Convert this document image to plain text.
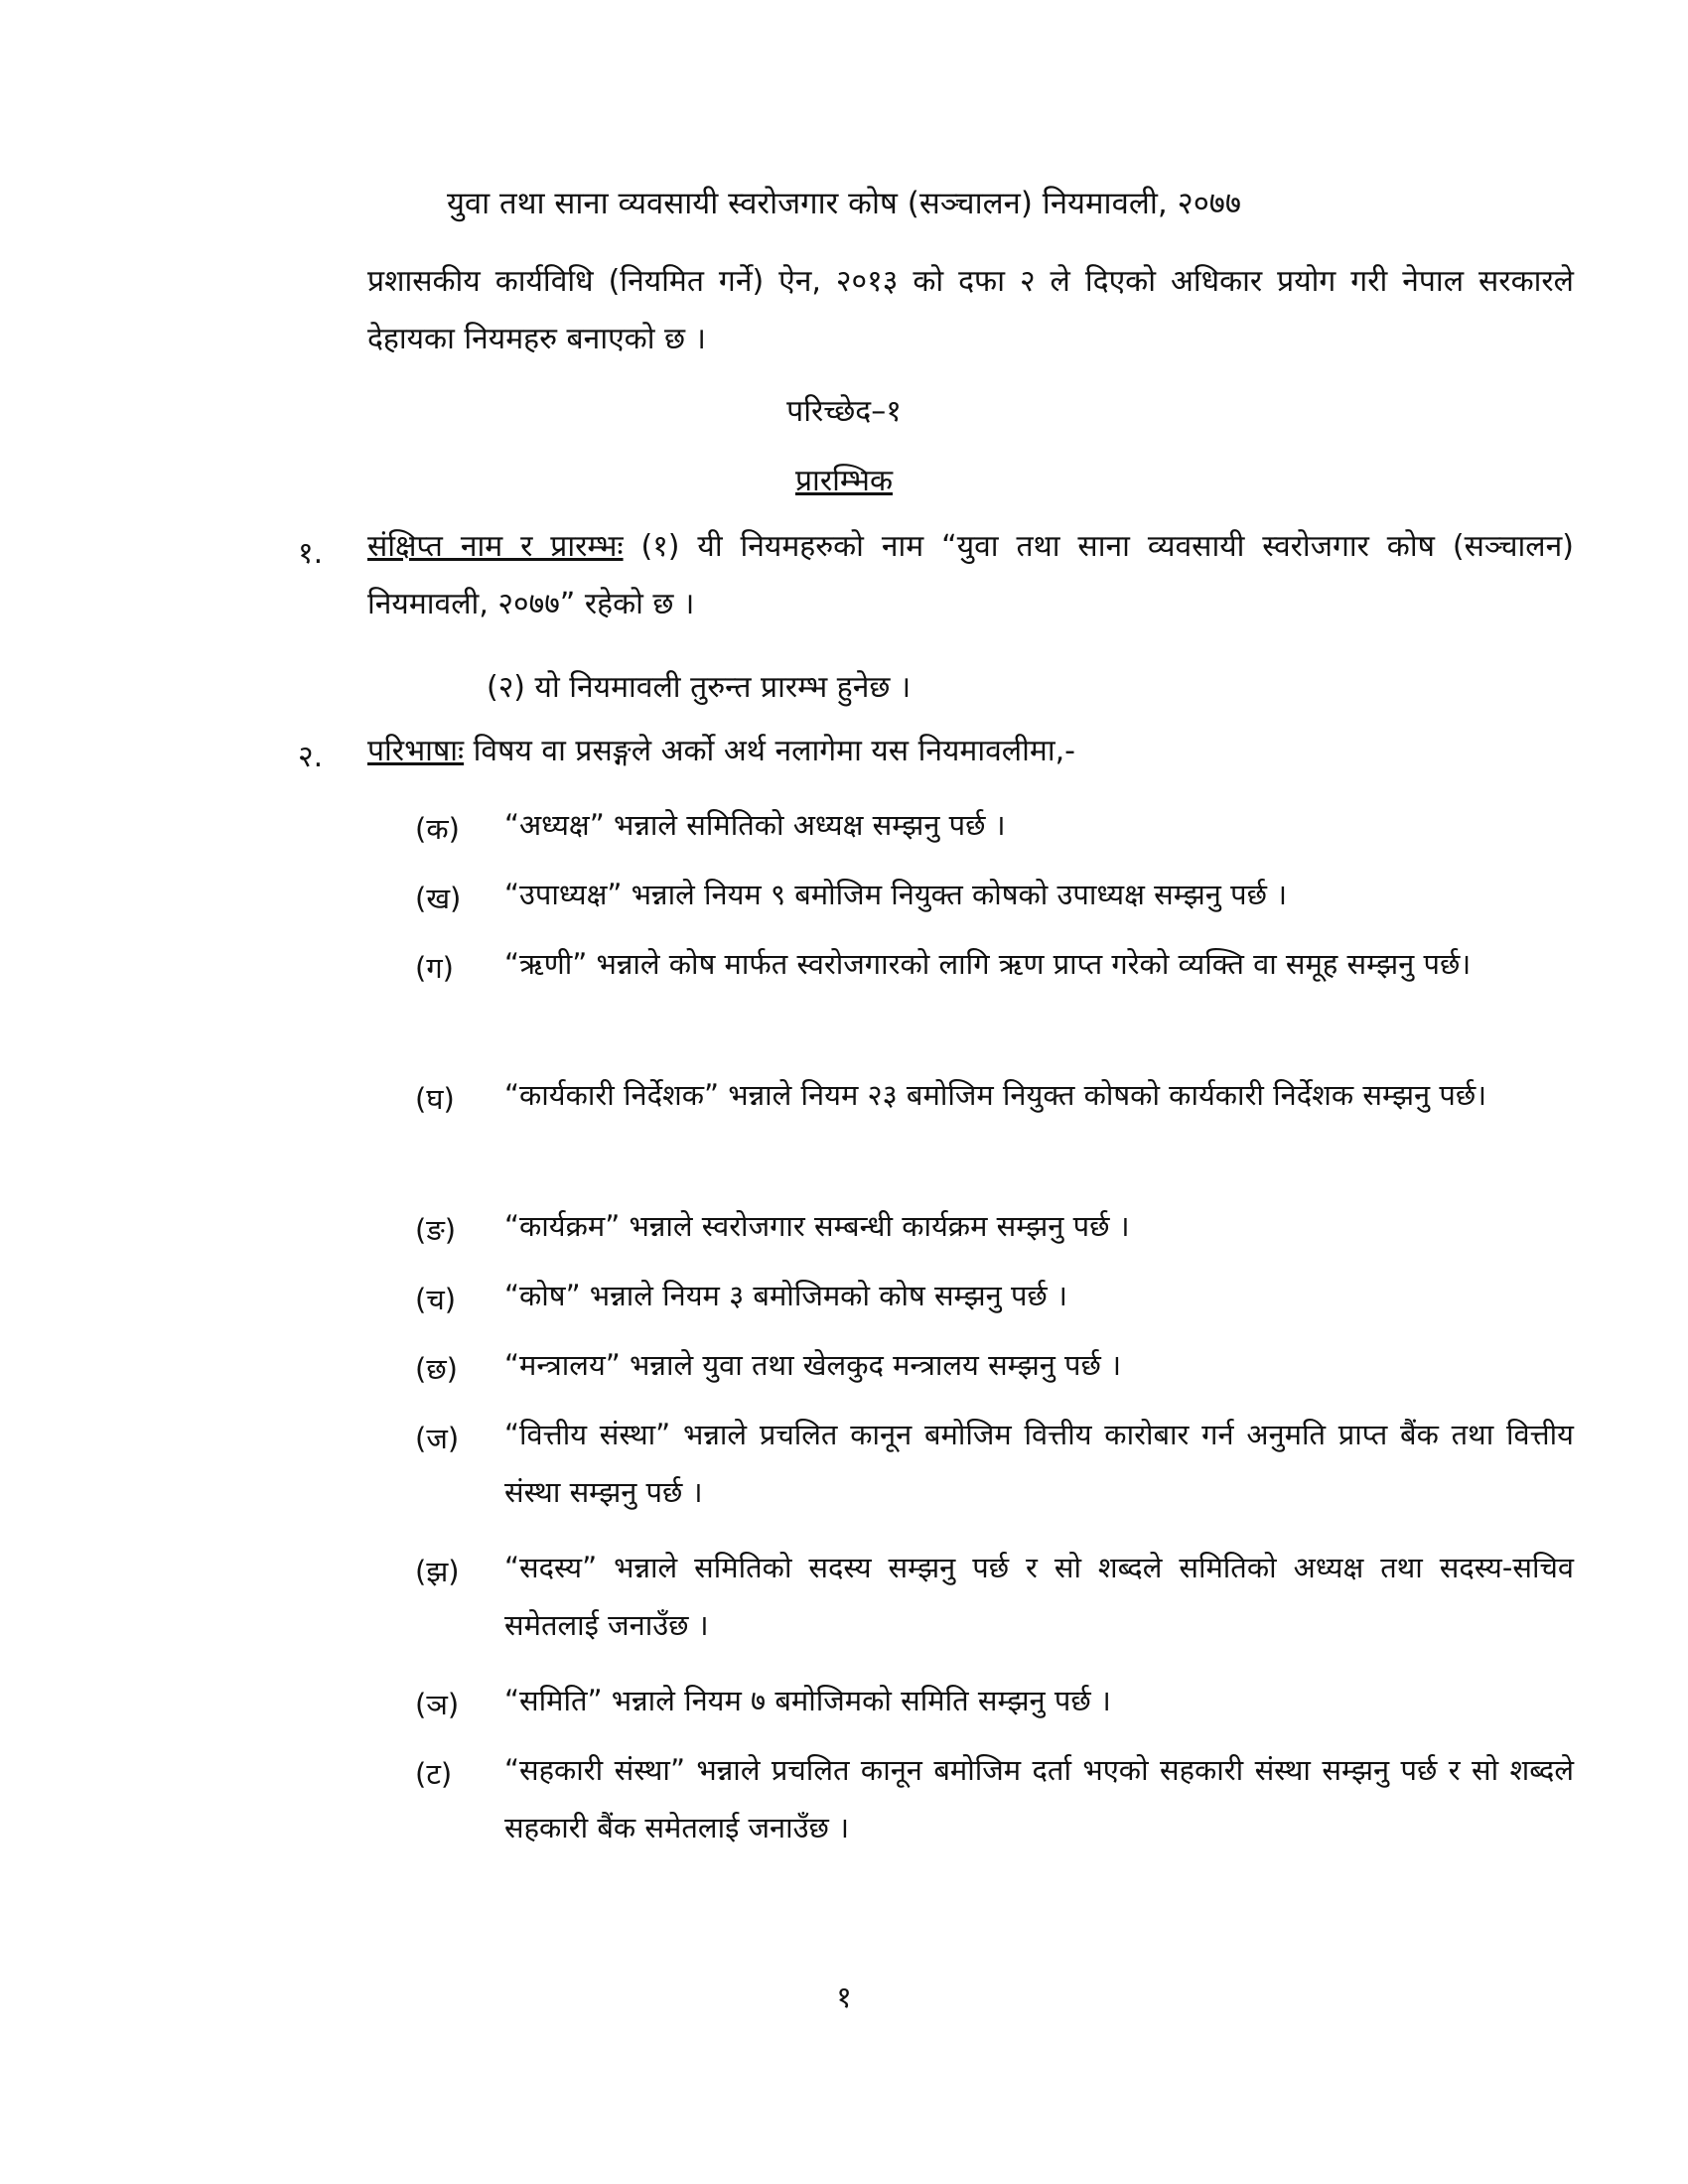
युवा तथा साना व्यवसायी स्वरोजगार कोष (सञ्चालन) नियमावली, २०७७
प्रशासकीय कार्यविधि (नियमित गर्ने) ऐन, २०१३ को दफा २ ले दिएको अधिकार प्रयोग गरी नेपाल सरकारले देहायका नियमहरु बनाएको छ ।
परिच्छेद–१
प्रारम्भिक
१. संक्षिप्त नाम र प्रारम्भः (१) यी नियमहरुको नाम “युवा तथा साना व्यवसायी स्वरोजगार कोष (सञ्चालन) नियमावली, २०७७” रहेको छ ।
(२) यो नियमावली तुरुन्त प्रारम्भ हुनेछ ।
२. परिभाषाः विषय वा प्रसङ्गले अर्को अर्थ नलागेमा यस नियमावलीमा,-
(क) “अध्यक्ष” भन्नाले समितिको अध्यक्ष सम्झनु पर्छ ।
(ख) “उपाध्यक्ष” भन्नाले नियम ९ बमोजिम नियुक्त कोषको उपाध्यक्ष सम्झनु पर्छ ।
(ग) “ऋणी” भन्नाले कोष मार्फत स्वरोजगारको लागि ऋण प्राप्त गरेको व्यक्ति वा समूह सम्झनु पर्छ।
(घ) “कार्यकारी निर्देशक” भन्नाले नियम २३ बमोजिम नियुक्त कोषको कार्यकारी निर्देशक सम्झनु पर्छ।
(ङ) “कार्यक्रम” भन्नाले स्वरोजगार सम्बन्धी कार्यक्रम सम्झनु पर्छ ।
(च) “कोष” भन्नाले नियम ३ बमोजिमको कोष सम्झनु पर्छ ।
(छ) “मन्त्रालय” भन्नाले युवा तथा खेलकुद मन्त्रालय सम्झनु पर्छ ।
(ज) “वित्तीय संस्था” भन्नाले प्रचलित कानून बमोजिम वित्तीय कारोबार गर्न अनुमति प्राप्त बैंक तथा वित्तीय संस्था सम्झनु पर्छ ।
(झ) “सदस्य” भन्नाले समितिको सदस्य सम्झनु पर्छ र सो शब्दले समितिको अध्यक्ष तथा सदस्य-सचिव समेतलाई जनाउँछ ।
(ञ) “समिति” भन्नाले नियम ७ बमोजिमको समिति सम्झनु पर्छ ।
(ट) “सहकारी संस्था” भन्नाले प्रचलित कानून बमोजिम दर्ता भएको सहकारी संस्था सम्झनु पर्छ र सो शब्दले सहकारी बैंक समेतलाई जनाउँछ ।
१
